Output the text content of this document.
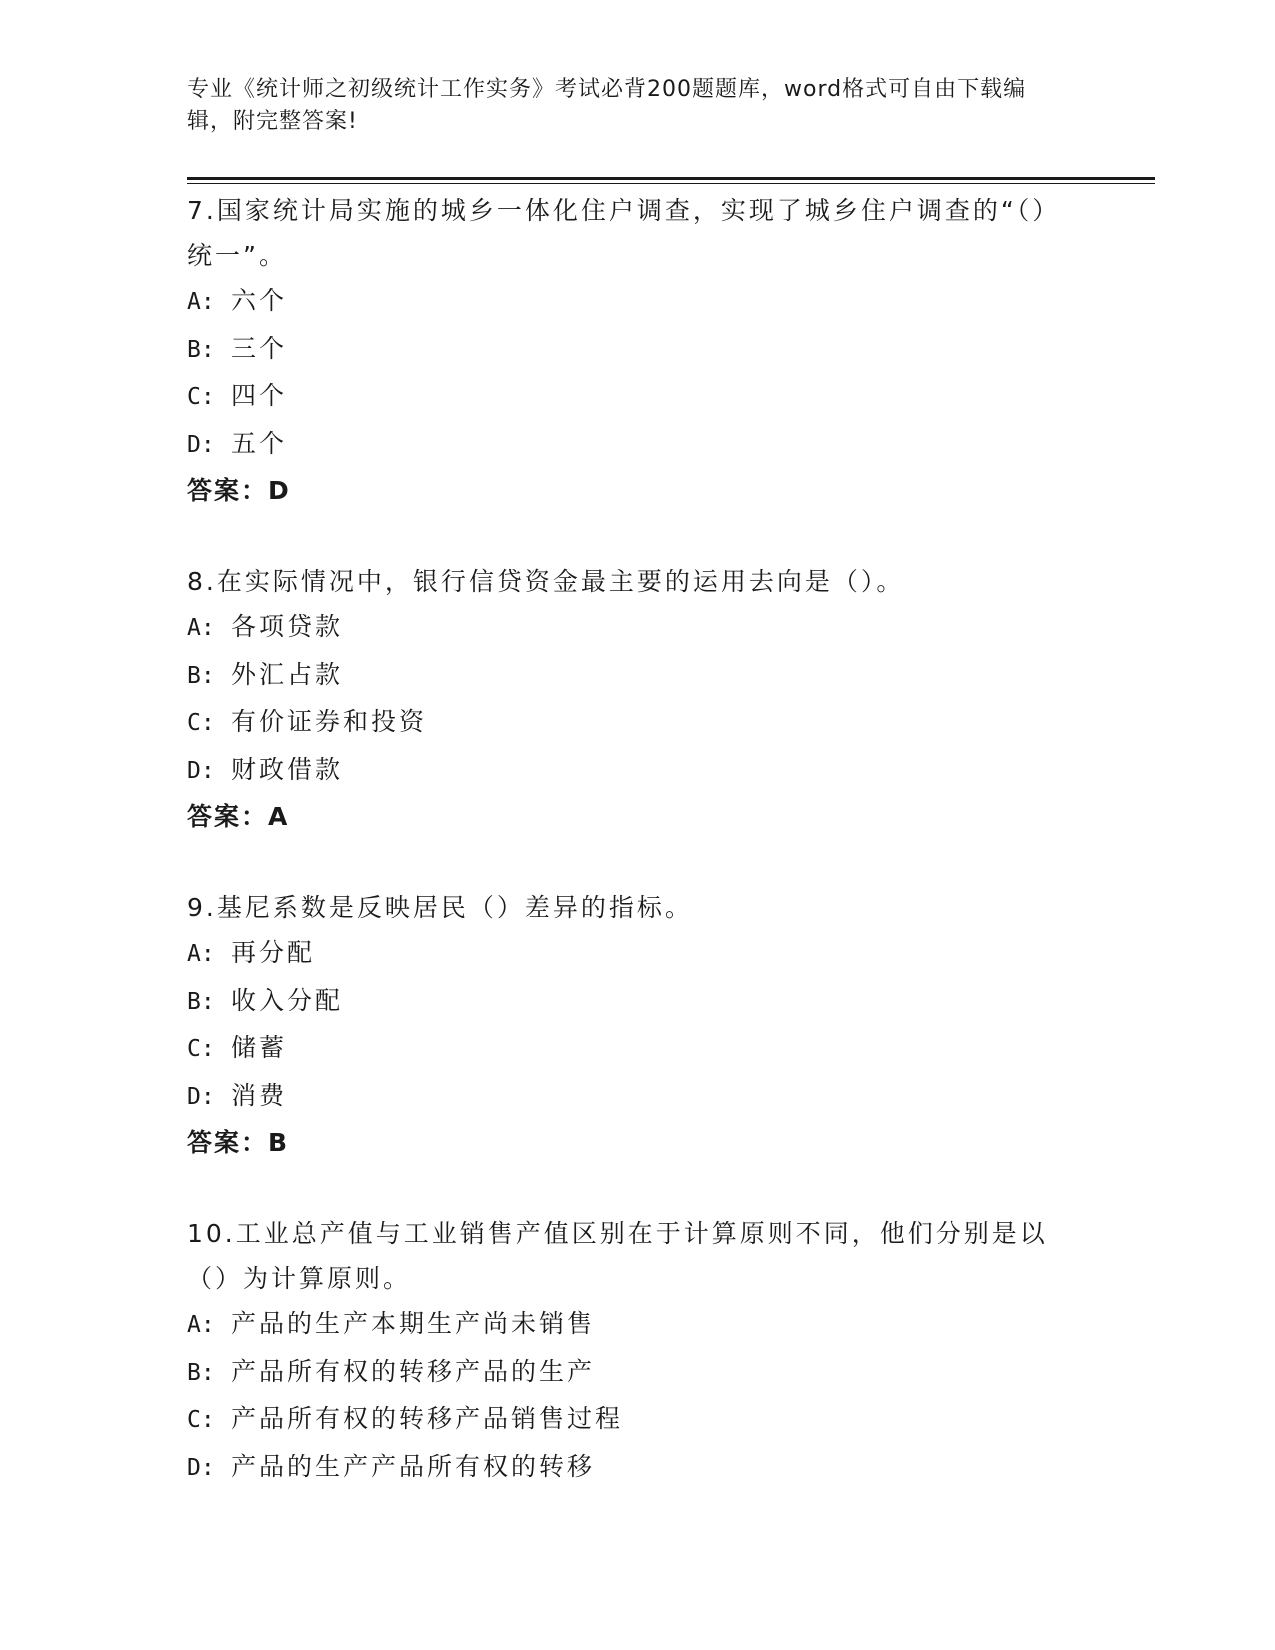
专业《统计师之初级统计工作实务》考试必背200题题库，word格式可自由下载编辑，附完整答案!

7.国家统计局实施的城乡一体化住户调查，实现了城乡住户调查的“（）统一”。

A: 六个
B: 三个
C: 四个
D: 五个
答案：D

8.在实际情况中，银行信贷资金最主要的运用去向是（）。

A: 各项贷款
B: 外汇占款
C: 有价证券和投资
D: 财政借款
答案：A

9.基尼系数是反映居民（）差异的指标。

A: 再分配
B: 收入分配
C: 储蓄
D: 消费
答案：B

10.工业总产值与工业销售产值区别在于计算原则不同，他们分别是以（）为计算原则。

A: 产品的生产本期生产尚未销售
B: 产品所有权的转移产品的生产
C: 产品所有权的转移产品销售过程
D: 产品的生产产品所有权的转移
